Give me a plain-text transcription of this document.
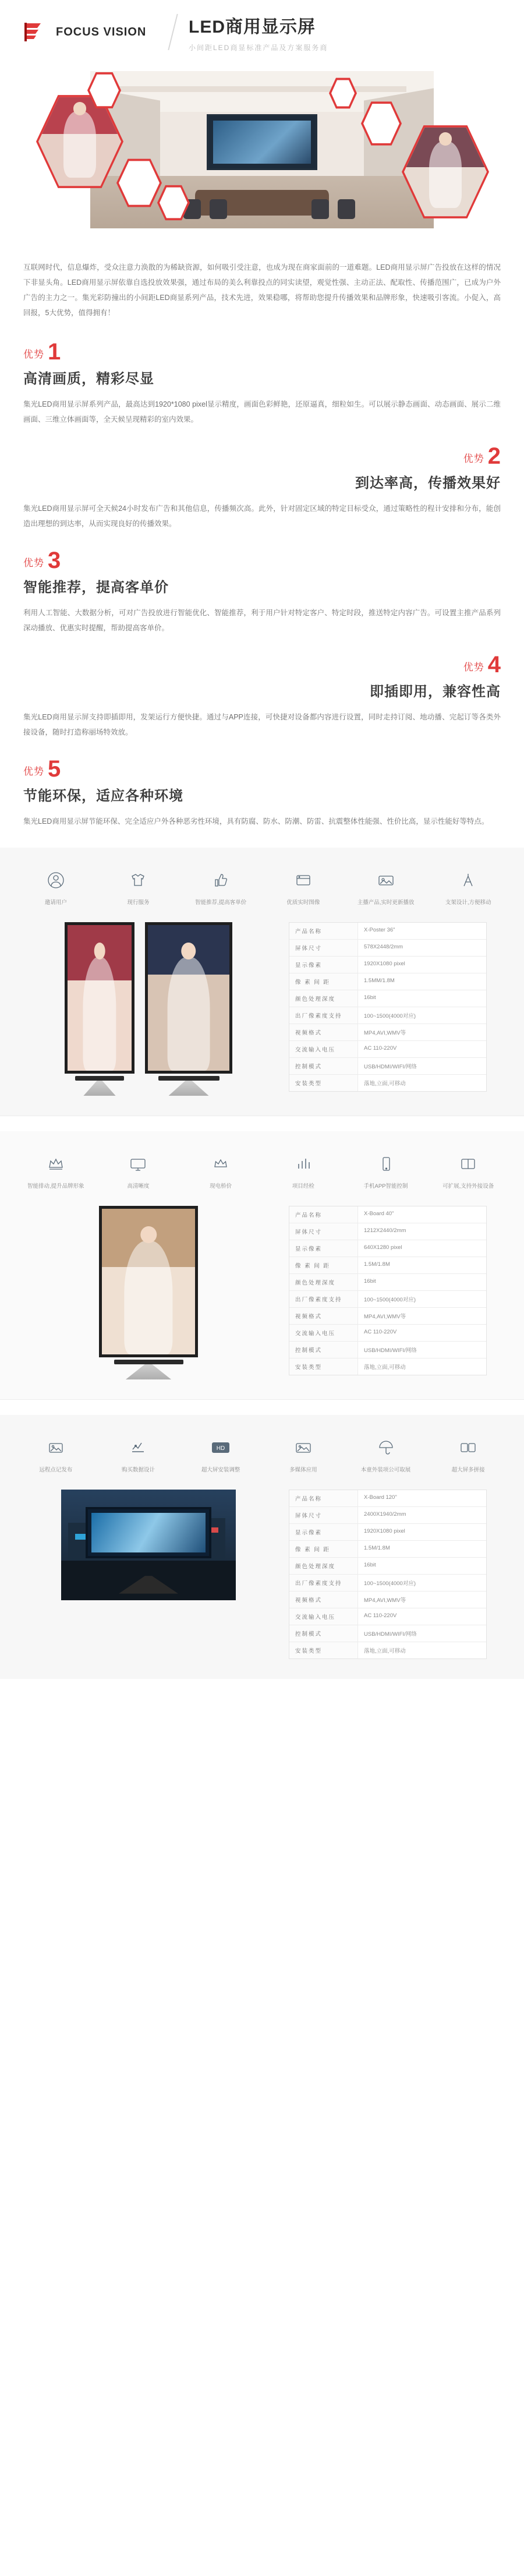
FOCUS VISION LED商用显示屏
小间距LED商显标准产品及方案服务商

互联网时代，信息爆炸，受众注意力涣散的为稀缺资源，如何吸引受注意，也成为现在商家面前的一道难题。LED商用显示屏广告投放在这样的情况下非显头角。LED商用显示屏依靠自选投放效果强，通过布局的美么利靠投点的同实读望，观觉性强、主动正法、配取性、传播范围广，已成为户外广告的主力之一。集光彩防撞出的小间距LED商显系列产品，技术先进，效果稳哪，将帮助您提升传播效果和品牌形象，快速吸引客流。小促入，高回报，5大优势，值得拥有！

优势 1
高清画质，精彩尽显
集光LED商用显示屏系列产品，最高达到1920*1080 pixel显示精度，画面色彩鲜艳，还原逼真，细粒如生。可以展示静态画面、动态画面、展示二维画面、三维立体画面等，全天候呈现精彩的室内效果。
优势 2
到达率高，传播效果好
集光LED商用显示屏可全天候24小时发布广告和其他信息，传播频次高。此外，针对固定区域的特定目标受众，通过策略性的程计安排和分布，能创造出理想的到达率，从而实现良好的传播效果。
优势 3
智能推荐，提高客单价
利用人工智能、大数据分析，可对广告投放进行智能优化、智能推荐，利于用户针对特定客户、特定时段，推送特定内容广告。可设置主推产品系列深动播放、优惠实时提醒，帮助提高客单价。
优势 4
即插即用，兼容性高
集光LED商用显示屏支持即插即用，发架运行方便快捷。通过与APP连接，可快捷对设备都内容进行设置，同时走持订阅、地动播、完起订等各类外接设备，随时打造称丽场特效放。
优势 5
节能环保，适应各种环境
集光LED商用显示屏节能环保、完全适应户外各种恶劣性环境，具有防腐、防水、防潮、防雷、抗震整体性能强、性价比高，显示性能好等特点。
邀请用户	现行服务	智能推荐,提高客单价	优质实时图像	主播产品,实时更新播放	支架设计,方便移动
产品名称	X-Poster 36"
屏体尺寸	578X2448/2mm
显示像素	1920X1080 pixel
像 素 间 距	1.5MM/1.8M
颜色处理深度	16bit
出厂像素度支持	100~1500(4000对应)
视频格式	MP4,AVI,WMV等
交流输入电压	AC 110-220V
控制模式	USB/HDMI/WIFI/网络
安装类型	落地,立面,可移动
智能排动,提升品牌形象	高清晰度	现电桥价	项目经检	手机APP智能控制	可扩展,支持外接设备
产品名称	X-Board 40"
屏体尺寸	1212X2440/2mm
显示像素	640X1280 pixel
像 素 间 距	1.5M/1.8M
颜色处理深度	16bit
出厂像素度支持	100~1500(4000对应)
视频格式	MP4,AVI,WMV等
交流输入电压	AC 110-220V
控制模式	USB/HDMI/WIFI/网络
安装类型	落地,立面,可移动
远程点记发布	购买数据设计
HD
超大屏安装调整	多媒体应用	本童外装项公可取展	超大屏多拼接
产品名称	X-Board 120"
屏体尺寸	2400X1940/2mm
显示像素	1920X1080 pixel
像 素 间 距	1.5M/1.8M
颜色处理深度	16bit
出厂像素度支持	100~1500(4000对应)
视频格式	MP4,AVI,WMV等
交流输入电压	AC 110-220V
控制模式	USB/HDMI/WIFI/网络
安装类型	落地,立面,可移动
